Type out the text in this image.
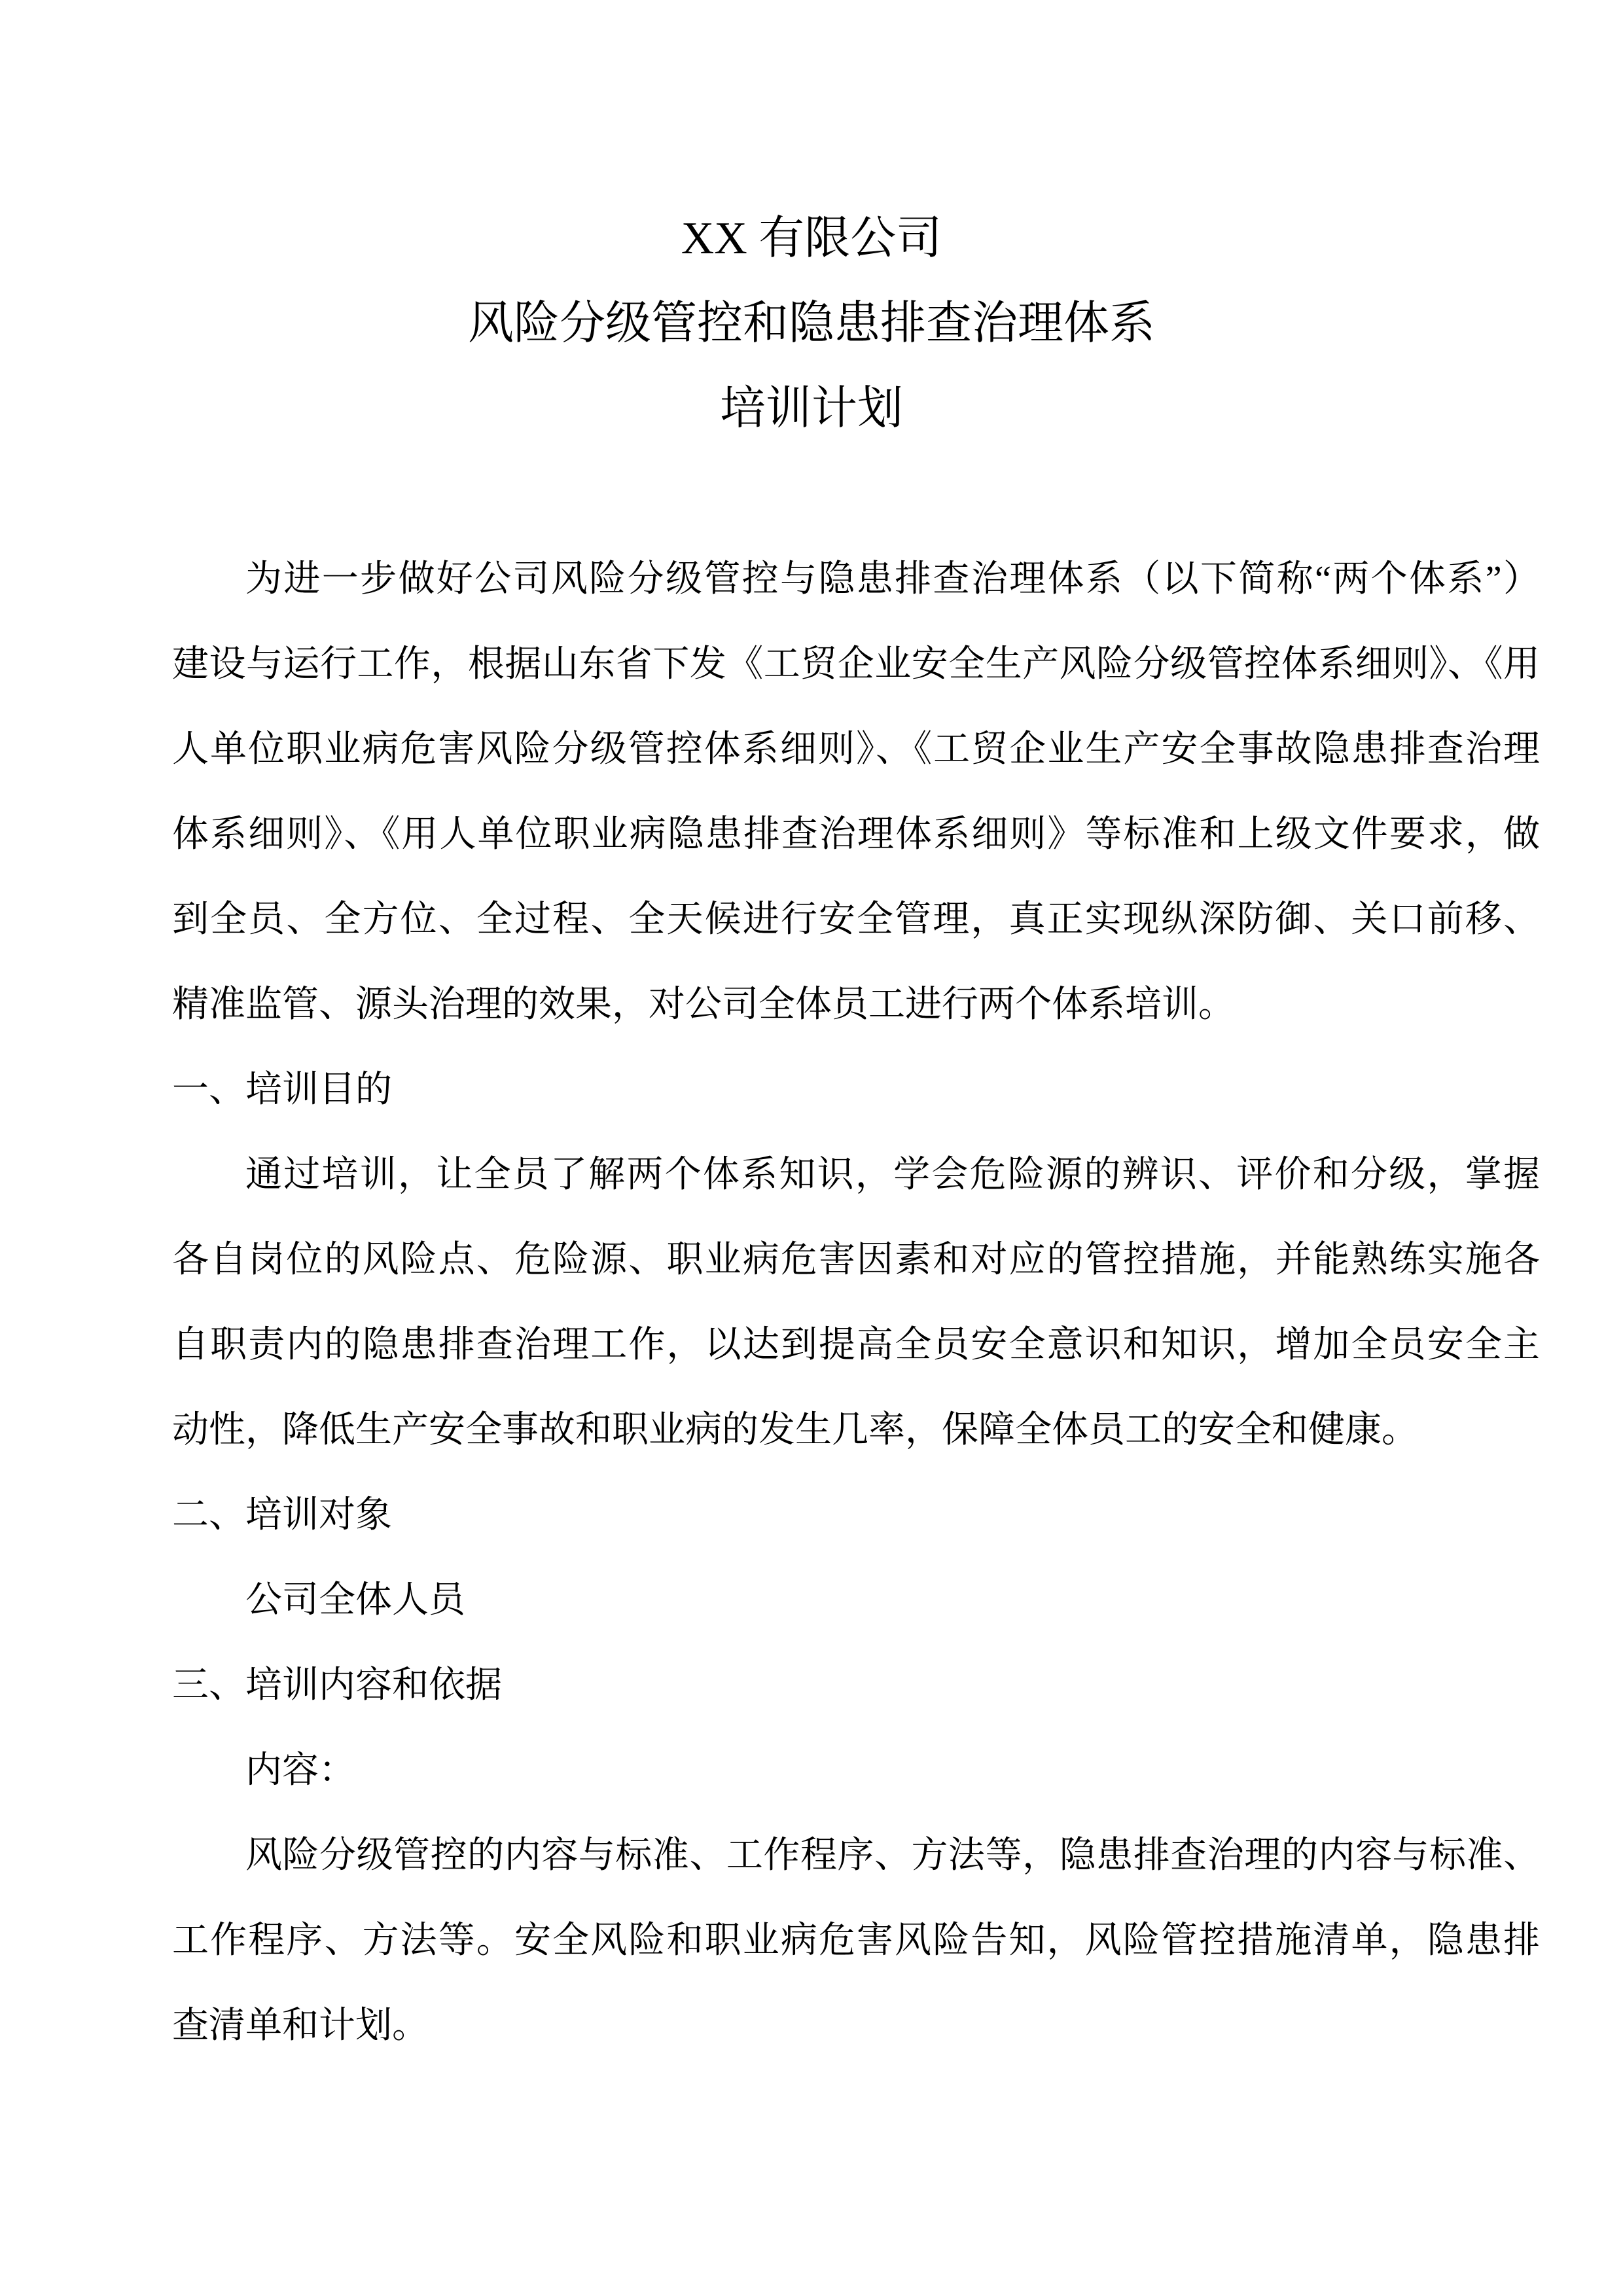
XX 有限公司
风险分级管控和隐患排查治理体系
培训计划
为进一步做好公司风险分级管控与隐患排查治理体系（以下简称“两个体系”）
建设与运行工作，根据山东省下发《工贸企业安全生产风险分级管控体系细则》、《用
人单位职业病危害风险分级管控体系细则》、《工贸企业生产安全事故隐患排查治理
体系细则》、《用人单位职业病隐患排查治理体系细则》等标准和上级文件要求，做
到全员、全方位、全过程、全天候进行安全管理，真正实现纵深防御、关口前移、
精准监管、源头治理的效果，对公司全体员工进行两个体系培训。
一、培训目的
通过培训，让全员了解两个体系知识，学会危险源的辨识、评价和分级，掌握
各自岗位的风险点、危险源、职业病危害因素和对应的管控措施，并能熟练实施各
自职责内的隐患排查治理工作，以达到提高全员安全意识和知识，增加全员安全主
动性，降低生产安全事故和职业病的发生几率，保障全体员工的安全和健康。
二、培训对象
公司全体人员
三、培训内容和依据
内容：
风险分级管控的内容与标准、工作程序、方法等，隐患排查治理的内容与标准、
工作程序、方法等。安全风险和职业病危害风险告知，风险管控措施清单，隐患排
查清单和计划。
